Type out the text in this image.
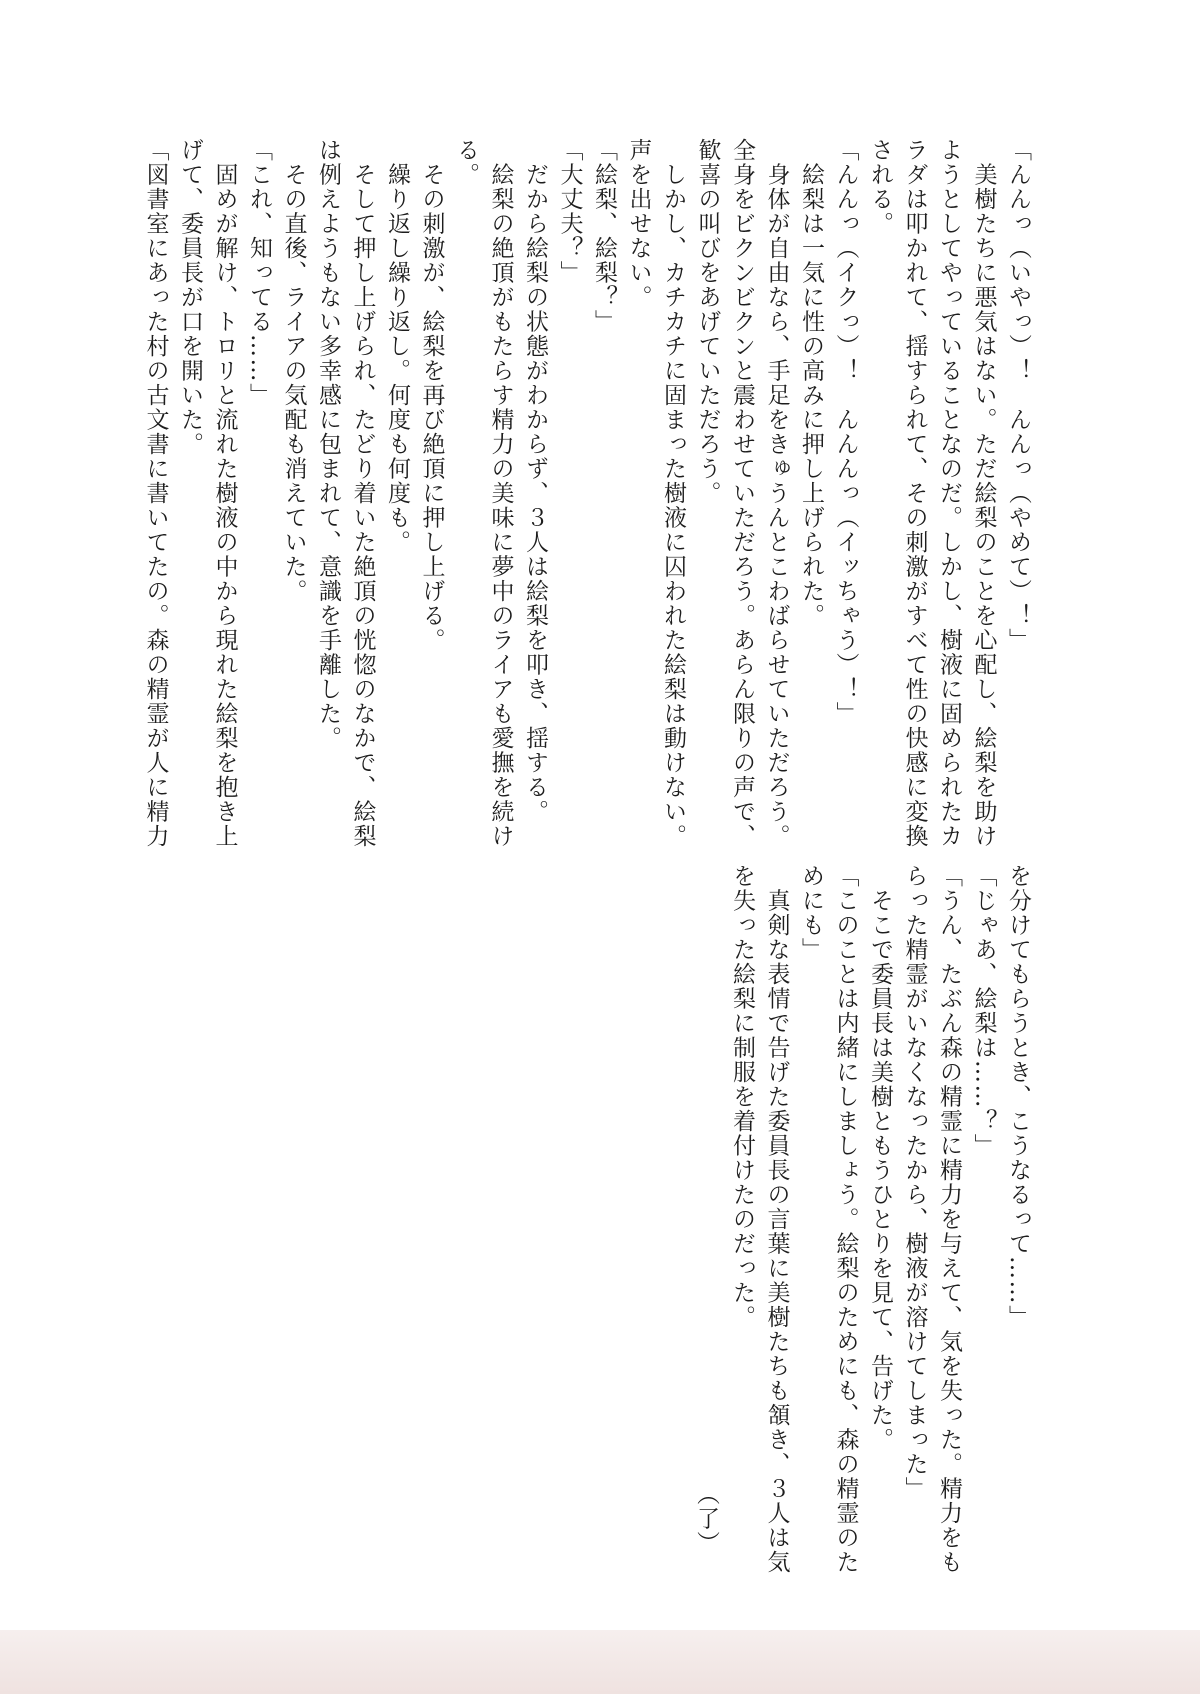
「んんっ（いやっ）！　んんっ（やめて）！」
　美樹たちに悪気はない。ただ絵梨のことを心配し、絵梨を助け
ようとしてやっていることなのだ。しかし、樹液に固められたカ
ラダは叩かれて、揺すられて、その刺激がすべて性の快感に変換
される。
「んんっ（イクっ）！　んんんっ（イッちゃう）！」
　絵梨は一気に性の高みに押し上げられた。
　身体が自由なら、手足をきゅうんとこわばらせていただろう。
全身をビクンビクンと震わせていただろう。あらん限りの声で、
歓喜の叫びをあげていただろう。
　しかし、カチカチに固まった樹液に囚われた絵梨は動けない。
声を出せない。
「絵梨、絵梨？」
「大丈夫？」
　だから絵梨の状態がわからず、３人は絵梨を叩き、揺する。
　絵梨の絶頂がもたらす精力の美味に夢中のライアも愛撫を続け
る。
　その刺激が、絵梨を再び絶頂に押し上げる。
　繰り返し繰り返し。何度も何度も。
　そして押し上げられ、たどり着いた絶頂の恍惚のなかで、絵梨
は例えようもない多幸感に包まれて、意識を手離した。
　その直後、ライアの気配も消えていた。
「これ、知ってる……」
　固めが解け、トロリと流れた樹液の中から現れた絵梨を抱き上
げて、委員長が口を開いた。
「図書室にあった村の古文書に書いてたの。森の精霊が人に精力
を分けてもらうとき、こうなるって……」
「じゃあ、絵梨は……？」
「うん、たぶん森の精霊に精力を与えて、気を失った。精力をも
らった精霊がいなくなったから、樹液が溶けてしまった」
　そこで委員長は美樹ともうひとりを見て、告げた。
「このことは内緒にしましょう。絵梨のためにも、森の精霊のた
めにも」
　真剣な表情で告げた委員長の言葉に美樹たちも頷き、３人は気
を失った絵梨に制服を着付けたのだった。
（了）
